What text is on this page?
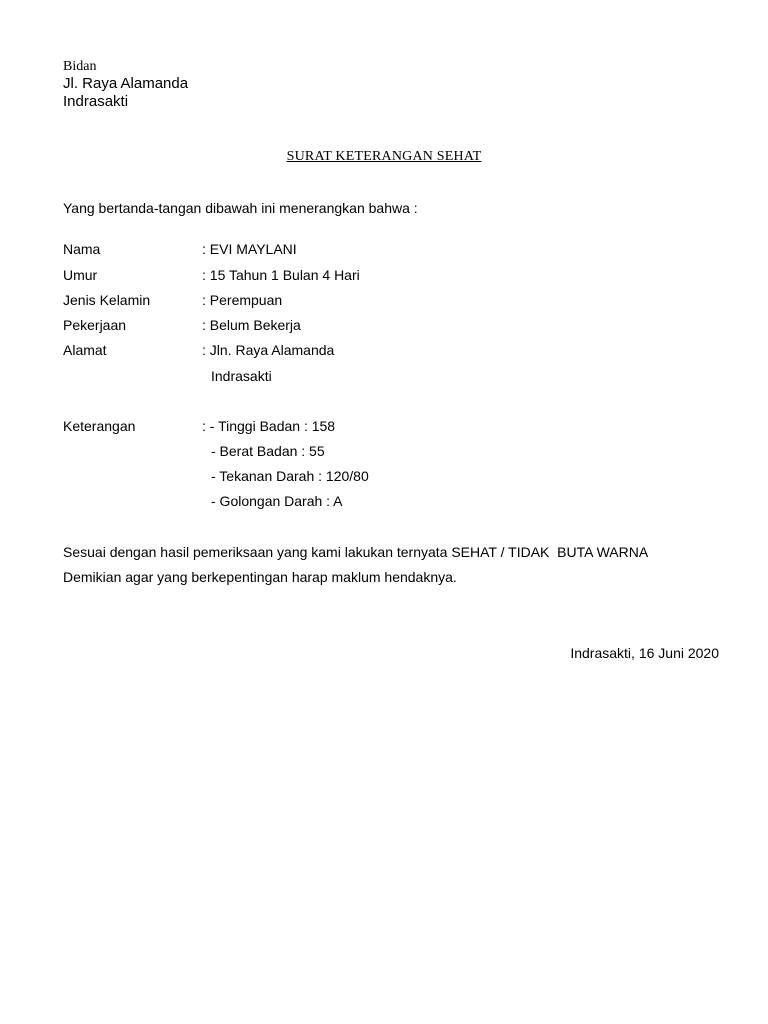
Bidan
Jl. Raya Alamanda
Indrasakti
SURAT KETERANGAN SEHAT
Yang bertanda-tangan dibawah ini menerangkan bahwa :
Nama	: EVI MAYLANI
Umur	: 15 Tahun 1 Bulan 4 Hari
Jenis Kelamin	: Perempuan
Pekerjaan	: Belum Bekerja
Alamat	: Jln. Raya Alamanda
Indrasakti
Keterangan	: - Tinggi Badan : 158
- Berat Badan : 55
- Tekanan Darah : 120/80
- Golongan Darah : A
Sesuai dengan hasil pemeriksaan yang kami lakukan ternyata SEHAT / TIDAK  BUTA WARNA
Demikian agar yang berkepentingan harap maklum hendaknya.
Indrasakti, 16 Juni 2020
